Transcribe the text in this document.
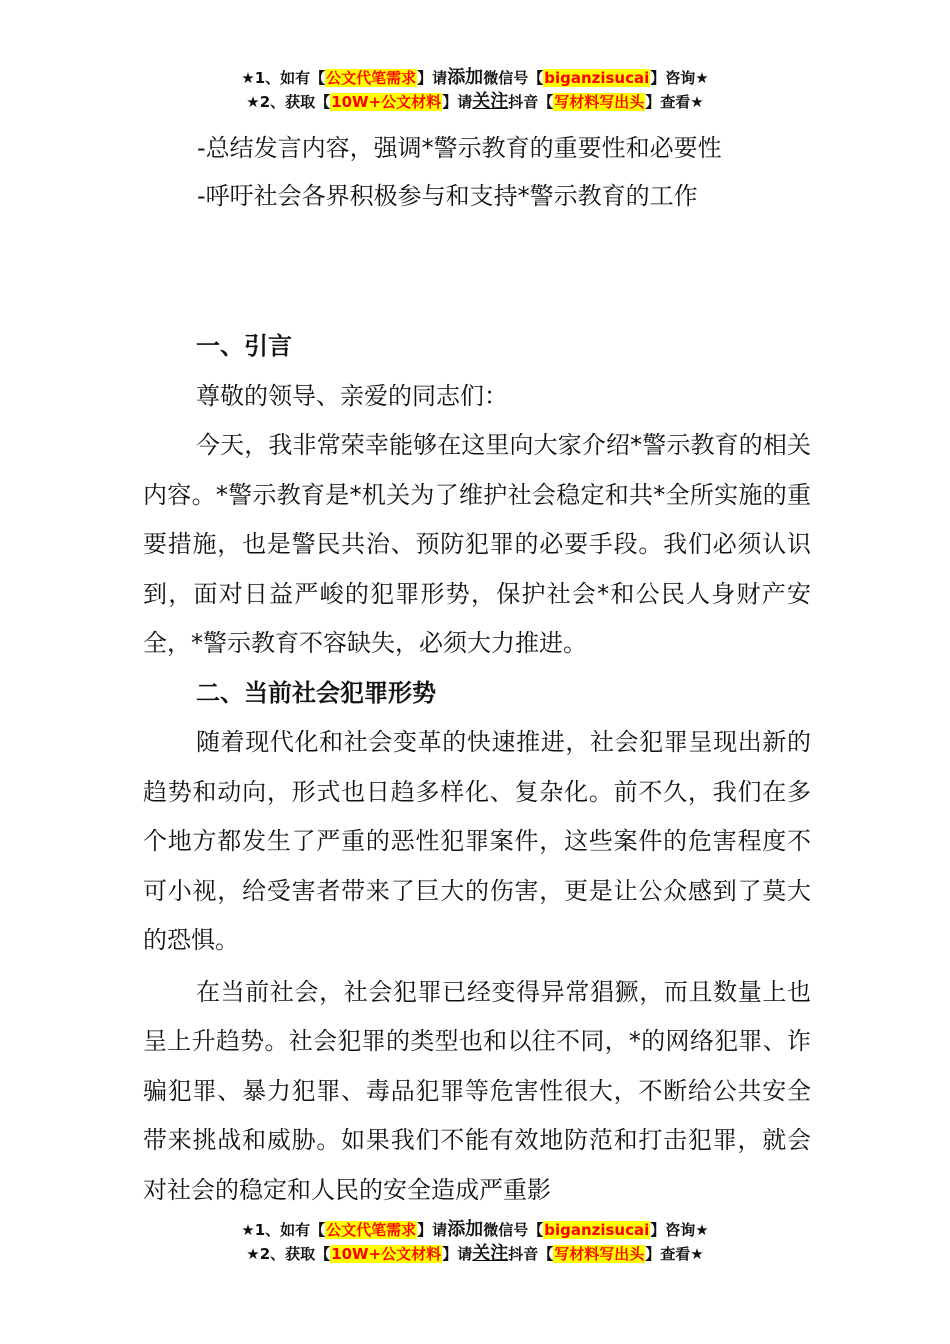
★1、如有【公文代笔需求】请添加微信号【biganzisucai】咨询★
★2、获取【10W+公文材料】请关注抖音【写材料写出头】查看★
-总结发言内容，强调*警示教育的重要性和必要性
-呼吁社会各界积极参与和支持*警示教育的工作
一、引言
尊敬的领导、亲爱的同志们：

今天，我非常荣幸能够在这里向大家介绍*警示教育的相关内容。*警示教育是*机关为了维护社会稳定和共*全所实施的重要措施，也是警民共治、预防犯罪的必要手段。我们必须认识到，面对日益严峻的犯罪形势，保护社会*和公民人身财产安全，*警示教育不容缺失，必须大力推进。

二、当前社会犯罪形势

随着现代化和社会变革的快速推进，社会犯罪呈现出新的趋势和动向，形式也日趋多样化、复杂化。前不久，我们在多个地方都发生了严重的恶性犯罪案件，这些案件的危害程度不可小视，给受害者带来了巨大的伤害，更是让公众感到了莫大的恐惧。

在当前社会，社会犯罪已经变得异常猖獗，而且数量上也呈上升趋势。社会犯罪的类型也和以往不同，*的网络犯罪、诈骗犯罪、暴力犯罪、毒品犯罪等危害性很大，不断给公共安全带来挑战和威胁。如果我们不能有效地防范和打击犯罪，就会对社会的稳定和人民的安全造成严重影

★1、如有【公文代笔需求】请添加微信号【biganzisucai】咨询★
★2、获取【10W+公文材料】请关注抖音【写材料写出头】查看★
